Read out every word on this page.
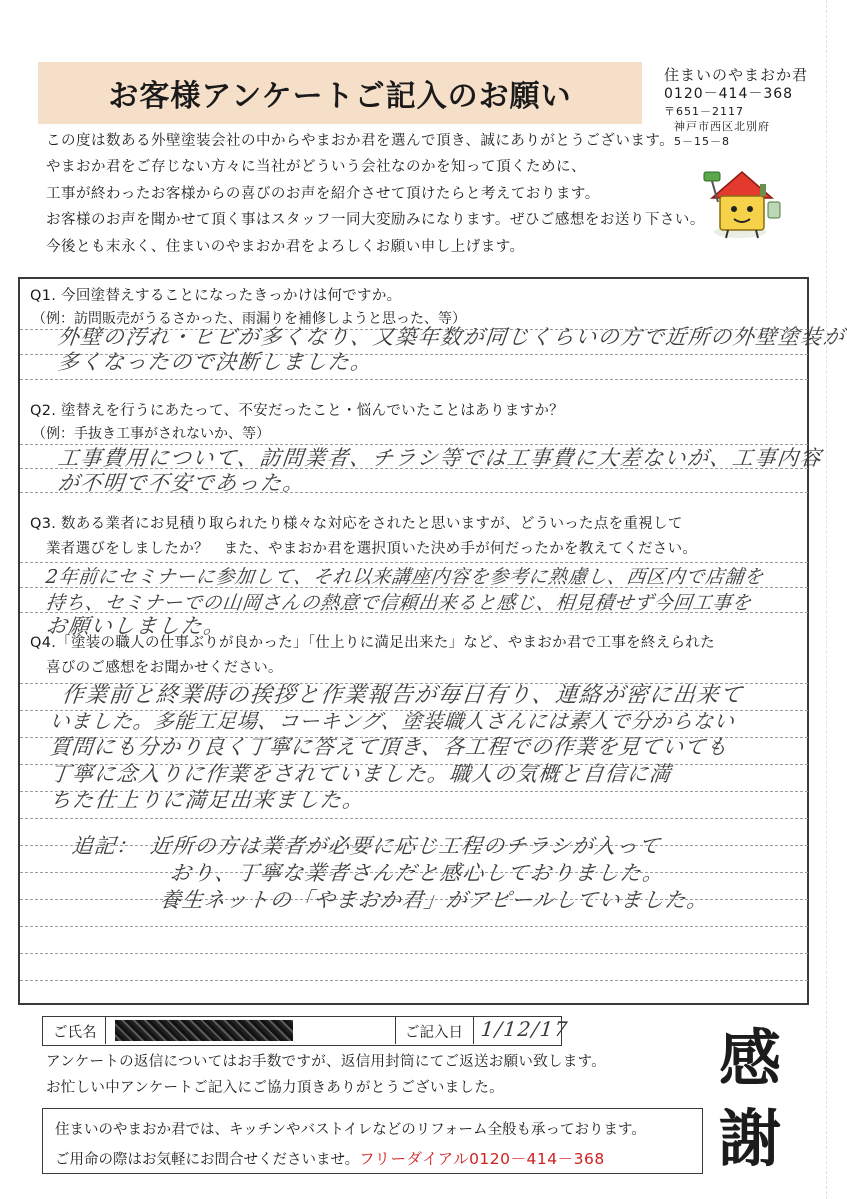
お客様アンケートご記入のお願い
住まいのやまおか君
0120－414－368
〒651－2117
神戸市西区北別府
5－15－8

この度は数ある外壁塗装会社の中からやまおか君を選んで頂き、誠にありがとうございます。

やまおか君をご存じない方々に当社がどういう会社なのかを知って頂くために、

工事が終わったお客様からの喜びのお声を紹介させて頂けたらと考えております。

お客様のお声を聞かせて頂く事はスタッフ一同大変励みになります。ぜひご感想をお送り下さい。

今後とも末永く、住まいのやまおか君をよろしくお願い申し上げます。

Q1. 今回塗替えすることになったきっかけは何ですか。
（例：訪問販売がうるさかった、雨漏りを補修しようと思った、等）
外壁の汚れ・ヒビが多くなり、又築年数が同じくらいの方で近所の外壁塗装が
多くなったので決断しました。
Q2. 塗替えを行うにあたって、不安だったこと・悩んでいたことはありますか？
（例：手抜き工事がされないか、等）
工事費用について、訪問業者、チラシ等では工事費に大差ないが、工事内容
が不明で不安であった。
Q3. 数ある業者にお見積り取られたり様々な対応をされたと思いますが、どういった点を重視して
業者選びをしましたか？　また、やまおか君を選択頂いた決め手が何だったかを教えてください。
2年前にセミナーに参加して、それ以来講座内容を参考に熟慮し、西区内で店舗を
持ち、セミナーでの山岡さんの熱意で信頼出来ると感じ、相見積せず今回工事を
お願いしました。
Q4.「塗装の職人の仕事ぶりが良かった」「仕上りに満足出来た」など、やまおか君で工事を終えられた
喜びのご感想をお聞かせください。
作業前と終業時の挨拶と作業報告が毎日有り、連絡が密に出来て
いました。多能工足場、コーキング、塗装職人さんには素人で分からない
質問にも分かり良く丁寧に答えて頂き、各工程での作業を見ていても
丁寧に念入りに作業をされていました。職人の気概と自信に満
ちた仕上りに満足出来ました。
追記：　近所の方は業者が必要に応じ工程のチラシが入って
おり、丁寧な業者さんだと感心しておりました。
養生ネットの「やまおか君」がアピールしていました。
ご氏名	ご記入日 1/12/17
アンケートの返信についてはお手数ですが、返信用封筒にてご返送お願い致します。
お忙しい中アンケートご記入にご協力頂きありがとうございました。	感
謝
住まいのやまおか君では、キッチンやバストイレなどのリフォーム全般も承っております。
ご用命の際はお気軽にお問合せくださいませ。フリーダイアル0120－414－368
